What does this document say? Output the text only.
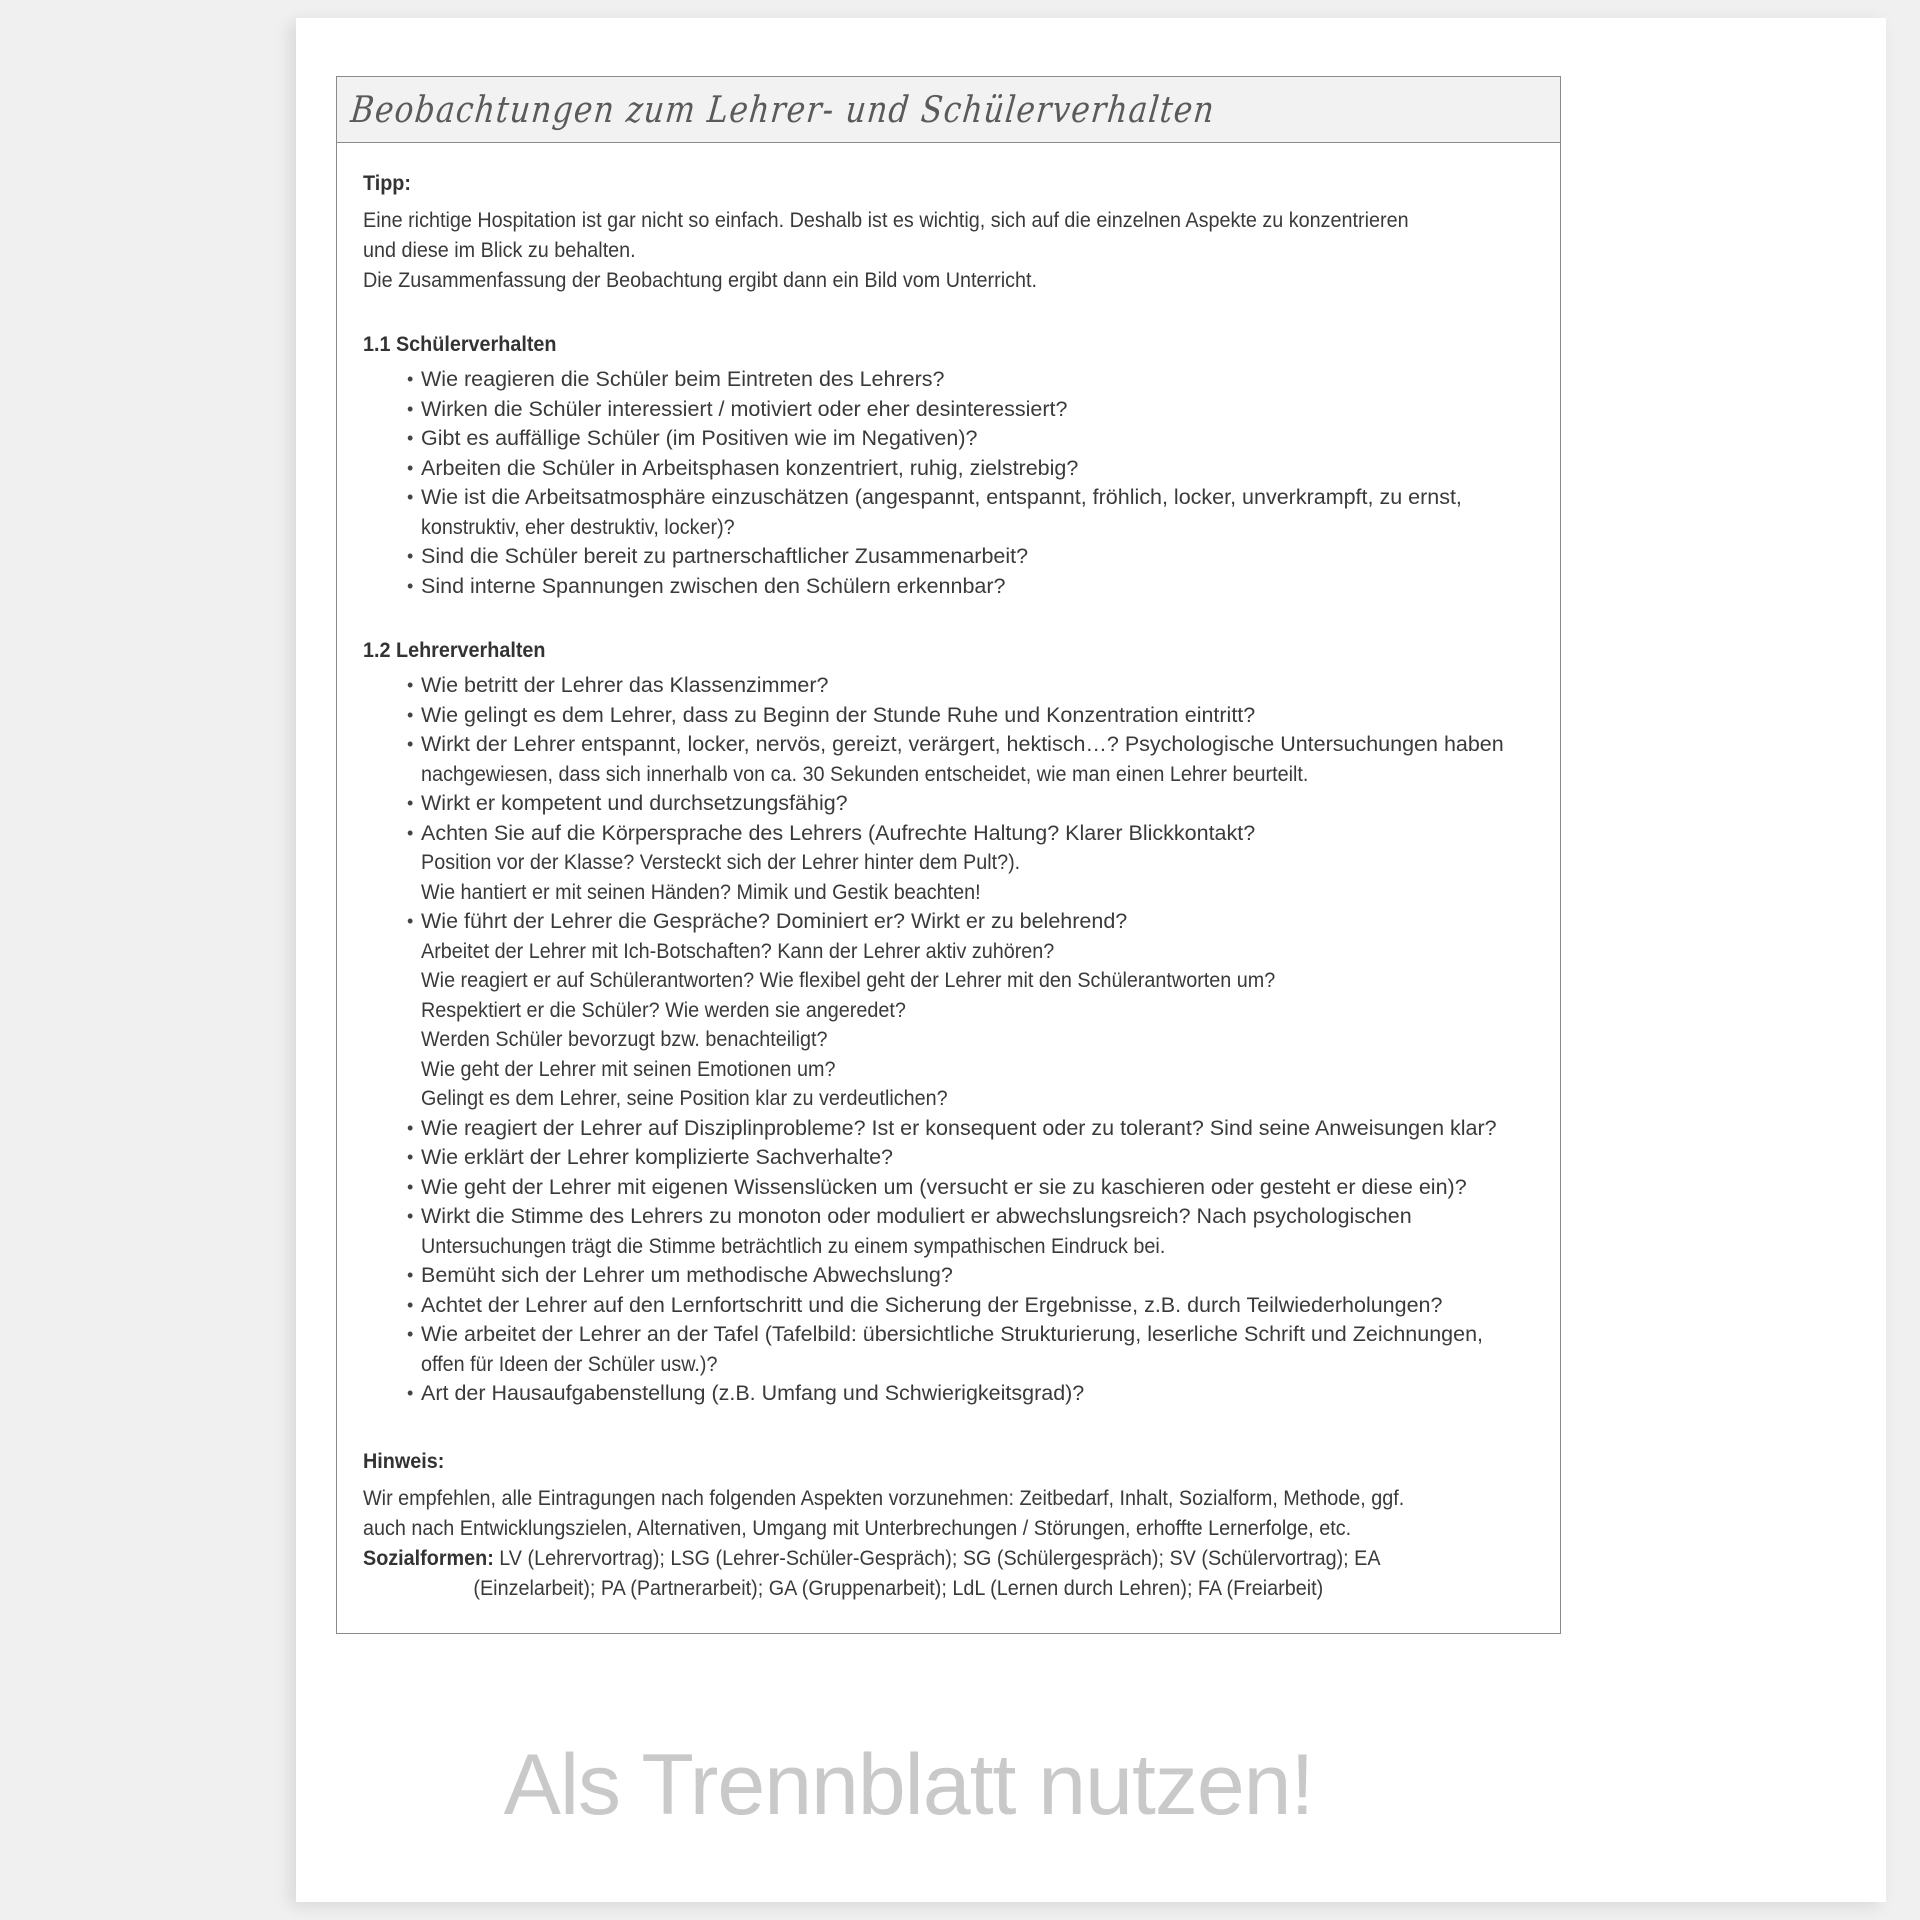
Beobachtungen zum Lehrer- und Schülerverhalten
Tipp:
Eine richtige Hospitation ist gar nicht so einfach. Deshalb ist es wichtig, sich auf die einzelnen Aspekte zu konzentrieren
und diese im Blick zu behalten.
Die Zusammenfassung der Beobachtung ergibt dann ein Bild vom Unterricht.
1.1 Schülerverhalten
• Wie reagieren die Schüler beim Eintreten des Lehrers?
• Wirken die Schüler interessiert / motiviert oder eher desinteressiert?
• Gibt es auffällige Schüler (im Positiven wie im Negativen)?
• Arbeiten die Schüler in Arbeitsphasen konzentriert, ruhig, zielstrebig?
• Wie ist die Arbeitsatmosphäre einzuschätzen (angespannt, entspannt, fröhlich, locker, unverkrampft, zu ernst,
konstruktiv, eher destruktiv, locker)?
• Sind die Schüler bereit zu partnerschaftlicher Zusammenarbeit?
• Sind interne Spannungen zwischen den Schülern erkennbar?
1.2 Lehrerverhalten
• Wie betritt der Lehrer das Klassenzimmer?
• Wie gelingt es dem Lehrer, dass zu Beginn der Stunde Ruhe und Konzentration eintritt?
• Wirkt der Lehrer entspannt, locker, nervös, gereizt, verärgert, hektisch…? Psychologische Untersuchungen haben
nachgewiesen, dass sich innerhalb von ca. 30 Sekunden entscheidet, wie man einen Lehrer beurteilt.
• Wirkt er kompetent und durchsetzungsfähig?
• Achten Sie auf die Körpersprache des Lehrers (Aufrechte Haltung? Klarer Blickkontakt?
Position vor der Klasse? Versteckt sich der Lehrer hinter dem Pult?).
Wie hantiert er mit seinen Händen? Mimik und Gestik beachten!
• Wie führt der Lehrer die Gespräche? Dominiert er? Wirkt er zu belehrend?
Arbeitet der Lehrer mit Ich-Botschaften? Kann der Lehrer aktiv zuhören?
Wie reagiert er auf Schülerantworten? Wie flexibel geht der Lehrer mit den Schülerantworten um?
Respektiert er die Schüler? Wie werden sie angeredet?
Werden Schüler bevorzugt bzw. benachteiligt?
Wie geht der Lehrer mit seinen Emotionen um?
Gelingt es dem Lehrer, seine Position klar zu verdeutlichen?
• Wie reagiert der Lehrer auf Disziplinprobleme? Ist er konsequent oder zu tolerant? Sind seine Anweisungen klar?
• Wie erklärt der Lehrer komplizierte Sachverhalte?
• Wie geht der Lehrer mit eigenen Wissenslücken um (versucht er sie zu kaschieren oder gesteht er diese ein)?
• Wirkt die Stimme des Lehrers zu monoton oder moduliert er abwechslungsreich? Nach psychologischen
Untersuchungen trägt die Stimme beträchtlich zu einem sympathischen Eindruck bei.
• Bemüht sich der Lehrer um methodische Abwechslung?
• Achtet der Lehrer auf den Lernfortschritt und die Sicherung der Ergebnisse, z.B. durch Teilwiederholungen?
• Wie arbeitet der Lehrer an der Tafel (Tafelbild: übersichtliche Strukturierung, leserliche Schrift und Zeichnungen,
offen für Ideen der Schüler usw.)?
• Art der Hausaufgabenstellung (z.B. Umfang und Schwierigkeitsgrad)?
Hinweis:
Wir empfehlen, alle Eintragungen nach folgenden Aspekten vorzunehmen: Zeitbedarf, Inhalt, Sozialform, Methode, ggf.
auch nach Entwicklungszielen, Alternativen, Umgang mit Unterbrechungen / Störungen, erhoffte Lernerfolge, etc.
Sozialformen: LV (Lehrervortrag); LSG (Lehrer-Schüler-Gespräch); SG (Schülergespräch); SV (Schülervortrag); EA
(Einzelarbeit); PA (Partnerarbeit); GA (Gruppenarbeit); LdL (Lernen durch Lehren); FA (Freiarbeit)
Als Trennblatt nutzen!
